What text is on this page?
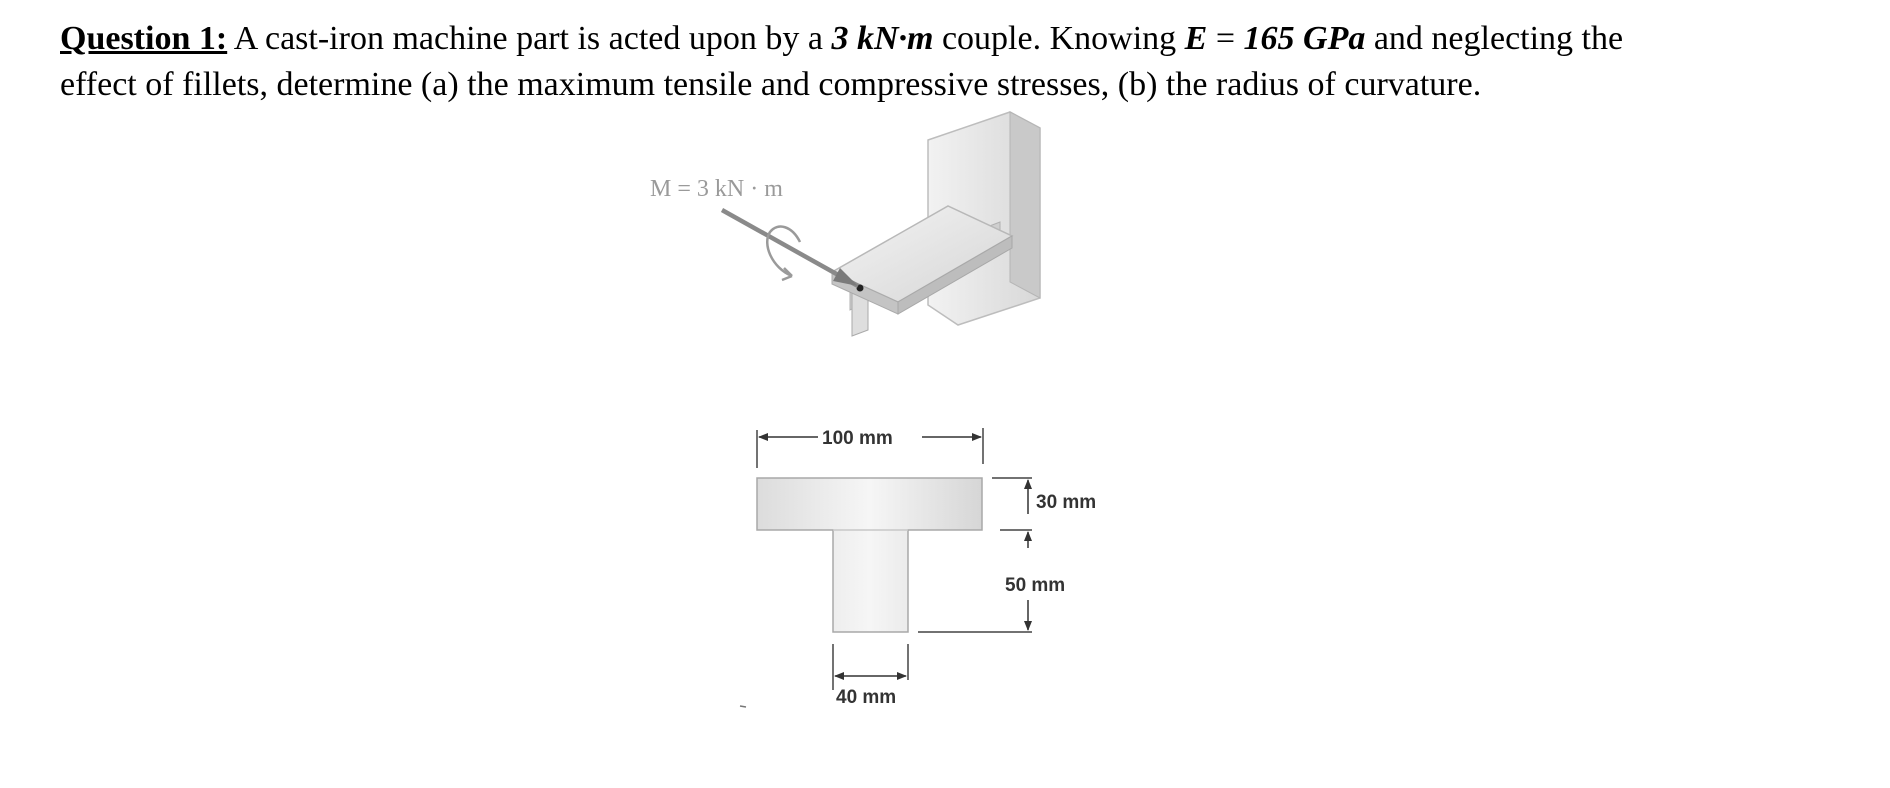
Question 1: A cast-iron machine part is acted upon by a 3 kN·m couple. Knowing E = 165 GPa and neglecting the
effect of fillets, determine (a) the maximum tensile and compressive stresses, (b) the radius of curvature.
M = 3 kN · m
100 mm
30 mm
50 mm
40 mm
